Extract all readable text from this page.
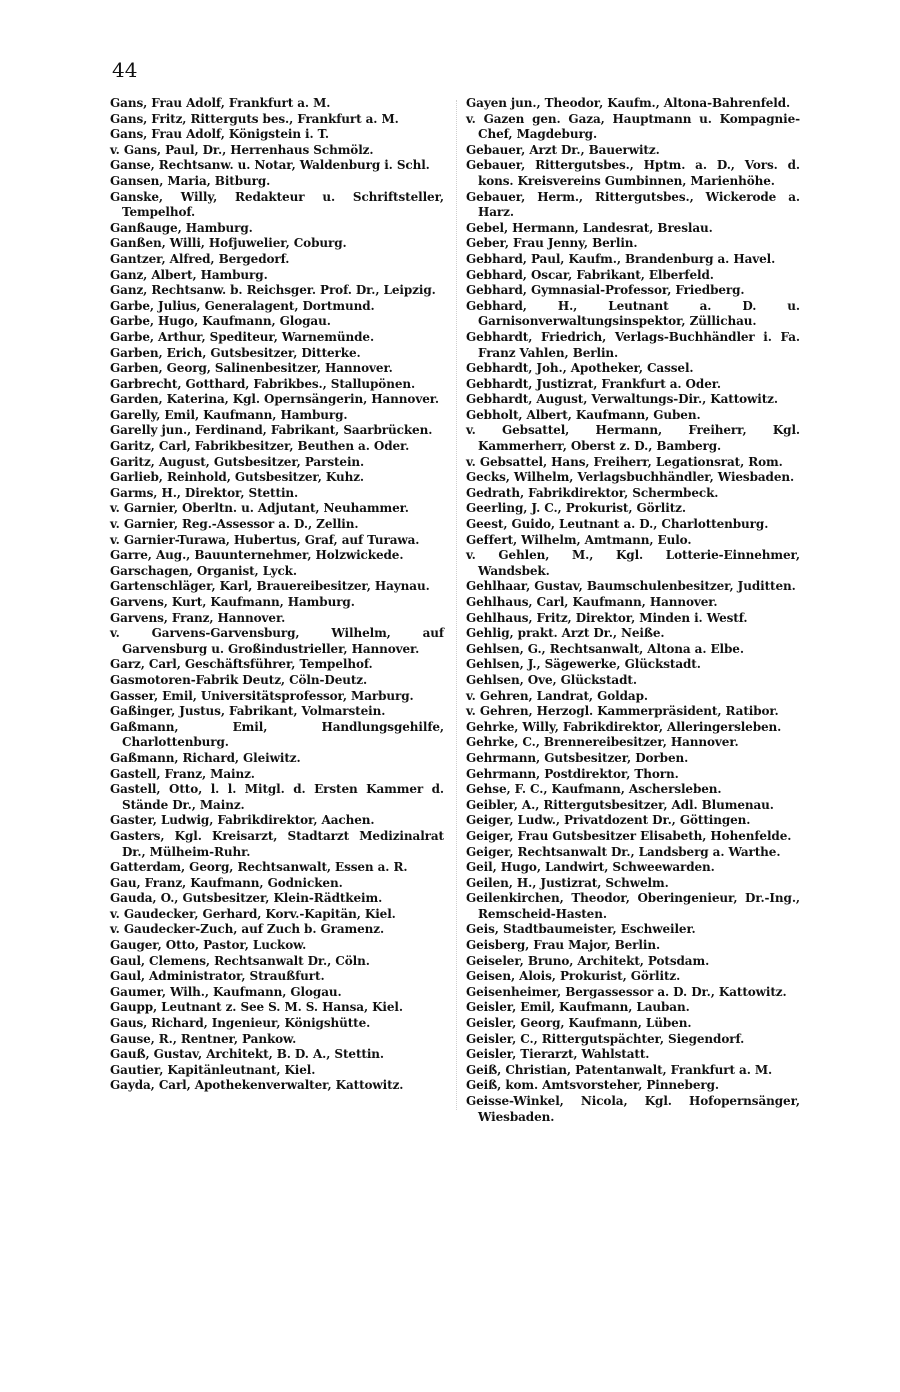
44
Gans, Frau Adolf, Frankfurt a. M.
Gans, Fritz, Ritterguts bes., Frankfurt a. M.
Gans, Frau Adolf, Königstein i. T.
v. Gans, Paul, Dr., Herrenhaus Schmölz.
Ganse, Rechtsanw. u. Notar, Waldenburg i. Schl.
Gansen, Maria, Bitburg.
Ganske, Willy, Redakteur u. Schriftsteller, Tempelhof.
Ganßauge, Hamburg.
Ganßen, Willi, Hofjuwelier, Coburg.
Gantzer, Alfred, Bergedorf.
Ganz, Albert, Hamburg.
Ganz, Rechtsanw. b. Reichsger. Prof. Dr., Leipzig.
Garbe, Julius, Generalagent, Dortmund.
Garbe, Hugo, Kaufmann, Glogau.
Garbe, Arthur, Spediteur, Warnemünde.
Garben, Erich, Gutsbesitzer, Ditterke.
Garben, Georg, Salinenbesitzer, Hannover.
Garbrecht, Gotthard, Fabrikbes., Stallupönen.
Garden, Katerina, Kgl. Opernsängerin, Hannover.
Garelly, Emil, Kaufmann, Hamburg.
Garelly jun., Ferdinand, Fabrikant, Saarbrücken.
Garitz, Carl, Fabrikbesitzer, Beuthen a. Oder.
Garitz, August, Gutsbesitzer, Parstein.
Garlieb, Reinhold, Gutsbesitzer, Kuhz.
Garms, H., Direktor, Stettin.
v. Garnier, Oberltn. u. Adjutant, Neuhammer.
v. Garnier, Reg.-Assessor a. D., Zellin.
v. Garnier-Turawa, Hubertus, Graf, auf Turawa.
Garre, Aug., Bauunternehmer, Holzwickede.
Garschagen, Organist, Lyck.
Gartenschläger, Karl, Brauereibesitzer, Haynau.
Garvens, Kurt, Kaufmann, Hamburg.
Garvens, Franz, Hannover.
v. Garvens-Garvensburg, Wilhelm, auf Garvensburg u. Großindustrieller, Hannover.
Garz, Carl, Geschäftsführer, Tempelhof.
Gasmotoren-Fabrik Deutz, Cöln-Deutz.
Gasser, Emil, Universitätsprofessor, Marburg.
Gaßinger, Justus, Fabrikant, Volmarstein.
Gaßmann, Emil, Handlungsgehilfe, Charlottenburg.
Gaßmann, Richard, Gleiwitz.
Gastell, Franz, Mainz.
Gastell, Otto, l. l. Mitgl. d. Ersten Kammer d. Stände Dr., Mainz.
Gaster, Ludwig, Fabrikdirektor, Aachen.
Gasters, Kgl. Kreisarzt, Stadtarzt Medizinalrat Dr., Mülheim-Ruhr.
Gatterdam, Georg, Rechtsanwalt, Essen a. R.
Gau, Franz, Kaufmann, Godnicken.
Gauda, O., Gutsbesitzer, Klein-Rädtkeim.
v. Gaudecker, Gerhard, Korv.-Kapitän, Kiel.
v. Gaudecker-Zuch, auf Zuch b. Gramenz.
Gauger, Otto, Pastor, Luckow.
Gaul, Clemens, Rechtsanwalt Dr., Cöln.
Gaul, Administrator, Straußfurt.
Gaumer, Wilh., Kaufmann, Glogau.
Gaupp, Leutnant z. See S. M. S. Hansa, Kiel.
Gaus, Richard, Ingenieur, Königshütte.
Gause, R., Rentner, Pankow.
Gauß, Gustav, Architekt, B. D. A., Stettin.
Gautier, Kapitänleutnant, Kiel.
Gayda, Carl, Apothekenverwalter, Kattowitz.
Gayen jun., Theodor, Kaufm., Altona-Bahrenfeld.
v. Gazen gen. Gaza, Hauptmann u. Kompagnie-Chef, Magdeburg.
Gebauer, Arzt Dr., Bauerwitz.
Gebauer, Rittergutsbes., Hptm. a. D., Vors. d. kons. Kreisvereins Gumbinnen, Marienhöhe.
Gebauer, Herm., Rittergutsbes., Wickerode a. Harz.
Gebel, Hermann, Landesrat, Breslau.
Geber, Frau Jenny, Berlin.
Gebhard, Paul, Kaufm., Brandenburg a. Havel.
Gebhard, Oscar, Fabrikant, Elberfeld.
Gebhard, Gymnasial-Professor, Friedberg.
Gebhard, H., Leutnant a. D. u. Garnisonverwaltungsinspektor, Züllichau.
Gebhardt, Friedrich, Verlags-Buchhändler i. Fa. Franz Vahlen, Berlin.
Gebhardt, Joh., Apotheker, Cassel.
Gebhardt, Justizrat, Frankfurt a. Oder.
Gebhardt, August, Verwaltungs-Dir., Kattowitz.
Gebholt, Albert, Kaufmann, Guben.
v. Gebsattel, Hermann, Freiherr, Kgl. Kammerherr, Oberst z. D., Bamberg.
v. Gebsattel, Hans, Freiherr, Legationsrat, Rom.
Gecks, Wilhelm, Verlagsbuchhändler, Wiesbaden.
Gedrath, Fabrikdirektor, Schermbeck.
Geerling, J. C., Prokurist, Görlitz.
Geest, Guido, Leutnant a. D., Charlottenburg.
Geffert, Wilhelm, Amtmann, Eulo.
v. Gehlen, M., Kgl. Lotterie-Einnehmer, Wandsbek.
Gehlhaar, Gustav, Baumschulenbesitzer, Juditten.
Gehlhaus, Carl, Kaufmann, Hannover.
Gehlhaus, Fritz, Direktor, Minden i. Westf.
Gehlig, prakt. Arzt Dr., Neiße.
Gehlsen, G., Rechtsanwalt, Altona a. Elbe.
Gehlsen, J., Sägewerke, Glückstadt.
Gehlsen, Ove, Glückstadt.
v. Gehren, Landrat, Goldap.
v. Gehren, Herzogl. Kammerpräsident, Ratibor.
Gehrke, Willy, Fabrikdirektor, Alleringersleben.
Gehrke, C., Brennereibesitzer, Hannover.
Gehrmann, Gutsbesitzer, Dorben.
Gehrmann, Postdirektor, Thorn.
Gehse, F. C., Kaufmann, Aschersleben.
Geibler, A., Rittergutsbesitzer, Adl. Blumenau.
Geiger, Ludw., Privatdozent Dr., Göttingen.
Geiger, Frau Gutsbesitzer Elisabeth, Hohenfelde.
Geiger, Rechtsanwalt Dr., Landsberg a. Warthe.
Geil, Hugo, Landwirt, Schweewarden.
Geilen, H., Justizrat, Schwelm.
Geilenkirchen, Theodor, Oberingenieur, Dr.-Ing., Remscheid-Hasten.
Geis, Stadtbaumeister, Eschweiler.
Geisberg, Frau Major, Berlin.
Geiseler, Bruno, Architekt, Potsdam.
Geisen, Alois, Prokurist, Görlitz.
Geisenheimer, Bergassessor a. D. Dr., Kattowitz.
Geisler, Emil, Kaufmann, Lauban.
Geisler, Georg, Kaufmann, Lüben.
Geisler, C., Rittergutspächter, Siegendorf.
Geisler, Tierarzt, Wahlstatt.
Geiß, Christian, Patentanwalt, Frankfurt a. M.
Geiß, kom. Amtsvorsteher, Pinneberg.
Geisse-Winkel, Nicola, Kgl. Hofopernsänger, Wiesbaden.
